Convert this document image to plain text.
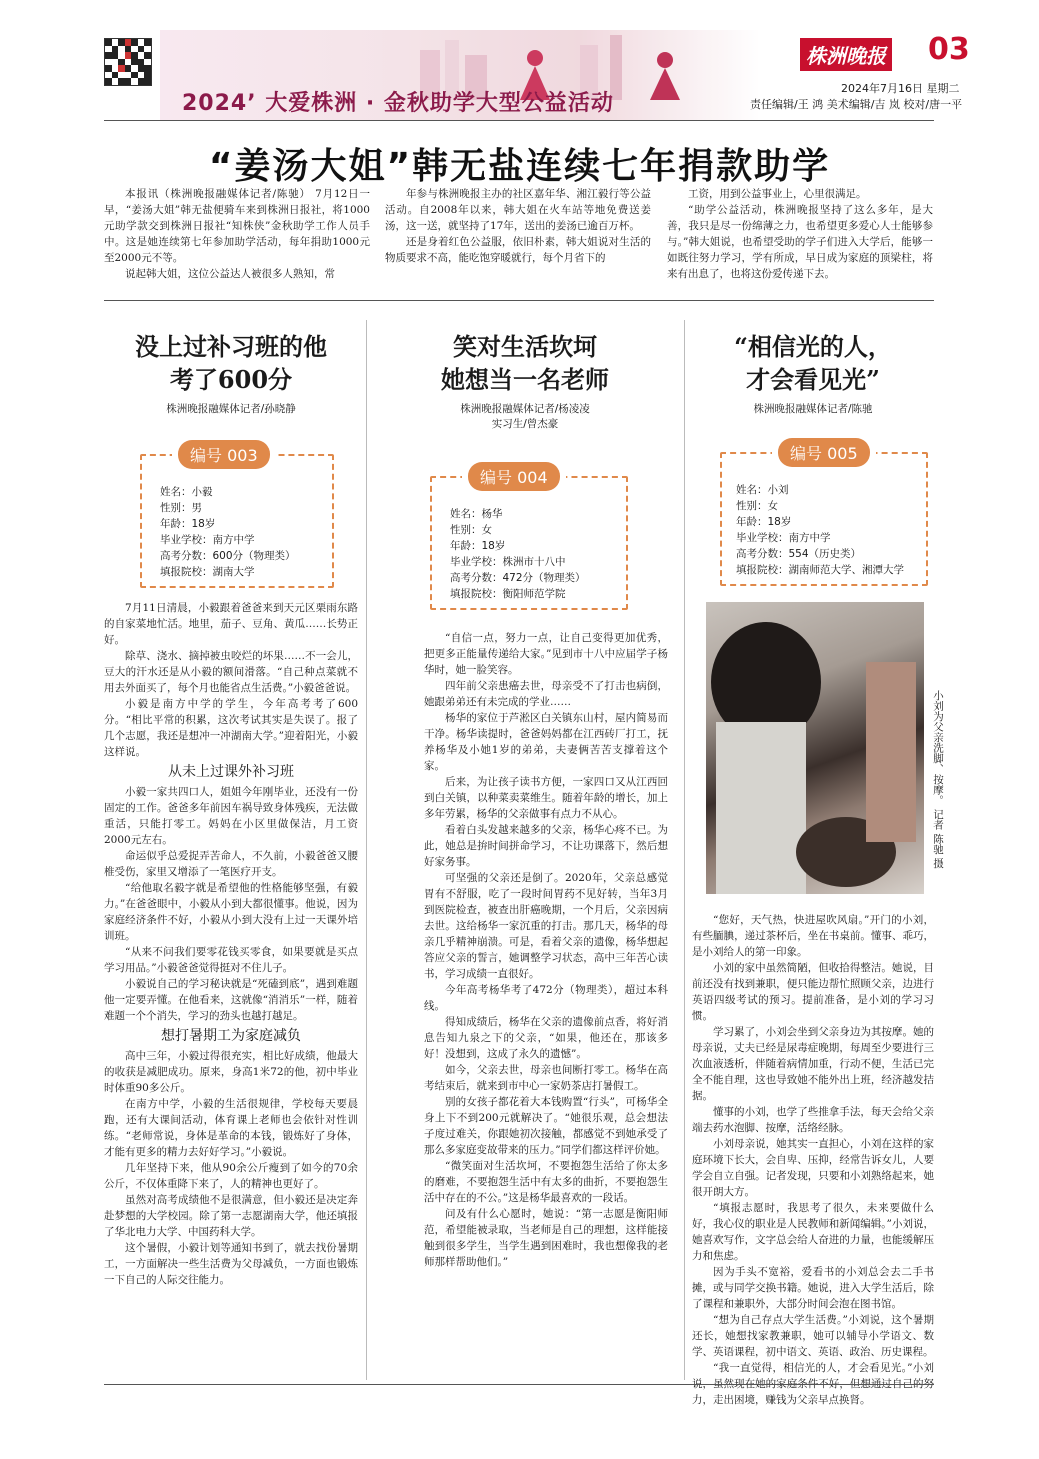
2024’ 大爱株洲 · 金秋助学大型公益活动
株洲晚报 03
2024年7月16日 星期二
责任编辑/王 鸿 美术编辑/吉 岚 校对/唐一平
“姜汤大姐”韩无盐连续七年捐款助学

本报讯（株洲晚报融媒体记者/陈驰） 7月12日一早，“姜汤大姐”韩无盐便骑车来到株洲日报社，将1000元助学款交到株洲日报社“知株侠”金秋助学工作人员手中。这是她连续第七年参加助学活动，每年捐助1000元至2000元不等。

说起韩大姐，这位公益达人被很多人熟知，常

年参与株洲晚报主办的社区嘉年华、湘江毅行等公益活动。自2008年以来，韩大姐在火车站等地免费送姜汤，这一送，就坚持了17年，送出的姜汤已逾百万杯。

还是身着红色公益服，依旧朴素，韩大姐说对生活的物质要求不高，能吃饱穿暖就行，每个月省下的

工资，用到公益事业上，心里很满足。

“助学公益活动，株洲晚报坚持了这么多年，是大善，我只是尽一份绵薄之力，也希望更多爱心人士能够参与。”韩大姐说，也希望受助的学子们进入大学后，能够一如既往努力学习，学有所成，早日成为家庭的顶梁柱，将来有出息了，也将这份爱传递下去。

没上过补习班的他
考了600分
株洲晚报融媒体记者/孙晓静
编号 003
姓名：小毅
性别：男
年龄：18岁
毕业学校：南方中学
高考分数：600分（物理类）
填报院校：湖南大学

7月11日清晨，小毅跟着爸爸来到天元区栗雨东路的自家菜地忙活。地里，茄子、豆角、黄瓜……长势正好。

除草、浇水、摘掉被虫咬烂的坏果……不一会儿，豆大的汗水还是从小毅的额间滑落。“自己种点菜就不用去外面买了，每个月也能省点生活费。”小毅爸爸说。

小毅是南方中学的学生，今年高考考了600分。“相比平常的积累，这次考试其实是失误了。报了几个志愿，我还是想冲一冲湖南大学。”迎着阳光，小毅这样说。

从未上过课外补习班

小毅一家共四口人，姐姐今年刚毕业，还没有一份固定的工作。爸爸多年前因车祸导致身体残疾，无法做重活，只能打零工。妈妈在小区里做保洁，月工资2000元左右。

命运似乎总爱捉弄苦命人，不久前，小毅爸爸又腰椎受伤，家里又增添了一笔医疗开支。

“给他取名毅字就是希望他的性格能够坚强，有毅力。”在爸爸眼中，小毅从小到大都很懂事。他说，因为家庭经济条件不好，小毅从小到大没有上过一天课外培训班。

“从来不问我们要零花钱买零食，如果要就是买点学习用品。”小毅爸爸觉得挺对不住儿子。

小毅说自己的学习秘诀就是“死磕到底”，遇到难题他一定要弄懂。在他看来，这就像“消消乐”一样，随着难题一个个消失，学习的劲头也越打越足。

想打暑期工为家庭减负

高中三年，小毅过得很充实，相比好成绩，他最大的收获是减肥成功。原来，身高1米72的他，初中毕业时体重90多公斤。

在南方中学，小毅的生活很规律，学校每天要晨跑，还有大课间活动，体育课上老师也会依针对性训练。“老师常说，身体是革命的本钱，锻炼好了身体，才能有更多的精力去好好学习。”小毅说。

几年坚持下来，他从90余公斤瘦到了如今的70余公斤，不仅体重降下来了，人的精神也更好了。

虽然对高考成绩他不是很满意，但小毅还是决定奔赴梦想的大学校园。除了第一志愿湖南大学，他还填报了华北电力大学、中国药科大学。

这个暑假，小毅计划等通知书到了，就去找份暑期工，一方面解决一些生活费为父母减负，一方面也锻炼一下自己的人际交往能力。

笑对生活坎坷
她想当一名老师
株洲晚报融媒体记者/杨凌凌
实习生/曾杰豪
编号 004
姓名：杨华
性别：女
年龄：18岁
毕业学校：株洲市十八中
高考分数：472分（物理类）
填报院校：衡阳师范学院

“自信一点，努力一点，让自己变得更加优秀，把更多正能量传递给大家。”见到市十八中应届学子杨华时，她一脸笑容。

四年前父亲患癌去世，母亲受不了打击也病倒，她跟弟弟还有未完成的学业……

杨华的家位于芦淞区白关镇东山村，屋内简易而干净。杨华读提时，爸爸妈妈都在江西砖厂打工，抚养杨华及小她1岁的弟弟，夫妻俩苦苦支撑着这个家。

后来，为让孩子读书方便，一家四口又从江西回到白关镇，以种菜卖菜维生。随着年龄的增长，加上多年劳累，杨华的父亲做事有点力不从心。

看着白头发越来越多的父亲，杨华心疼不已。为此，她总是拚时间拼命学习，不让功课落下，然后想好家务事。

可坚强的父亲还是倒了。2020年，父亲总感觉胃有不舒服，吃了一段时间胃药不见好转，当年3月到医院检查，被查出肝癌晚期，一个月后，父亲因病去世。这给杨华一家沉重的打击。那几天，杨华的母亲几乎精神崩溃。可是，看着父亲的遗像，杨华想起答应父亲的誓言，她调整学习状态，高中三年苦心读书，学习成绩一直很好。

今年高考杨华考了472分（物理类），超过本科线。

得知成绩后，杨华在父亲的遗像前点香，将好消息告知九泉之下的父亲，“如果，他还在，那该多好！没想到，这成了永久的遗憾”。

如今，父亲去世，母亲也间断打零工。杨华在高考结束后，就来到市中心一家奶茶店打暑假工。

别的女孩子都花着大本钱购置“行头”，可杨华全身上下不到200元就解决了。“她很乐观，总会想法子度过难关，你跟她初次接触，都感觉不到她承受了那么多家庭变故带来的压力。”同学们都这样评价她。

“微笑面对生活坎坷，不要抱怨生活给了你太多的磨难，不要抱怨生活中有太多的曲折，不要抱怨生活中存在的不公。”这是杨华最喜欢的一段话。

问及有什么心愿时，她说：“第一志愿是衡阳师范，希望能被录取，当老师是自己的理想，这样能接触到很多学生，当学生遇到困难时，我也想像我的老师那样帮助他们。”

“相信光的人，
才会看见光”
株洲晚报融媒体记者/陈驰
编号 005
姓名：小刘
性别：女
年龄：18岁
毕业学校：南方中学
高考分数：554（历史类）
填报院校：湖南师范大学、湘潭大学
小刘为父亲洗脚、按摩。 记者 陈驰 摄

“您好，天气热，快进屋吹风扇。”开门的小刘，有些腼腆，递过茶杯后，坐在书桌前。懂事、乖巧，是小刘给人的第一印象。

小刘的家中虽然简陋，但收拾得整洁。她说，目前还没有找到兼职，便只能边帮忙照顾父亲，边进行英语四级考试的预习。提前准备，是小刘的学习习惯。

学习累了，小刘会坐到父亲身边为其按摩。她的母亲说，丈夫已经是尿毒症晚期，每周至少要进行三次血液透析，伴随着病情加重，行动不便，生活已完全不能自理，这也导致她不能外出上班，经济越发拮据。

懂事的小刘，也学了些推拿手法，每天会给父亲端去药水泡脚、按摩，活络经脉。

小刘母亲说，她其实一直担心，小刘在这样的家庭环境下长大，会自卑、压抑，经常告诉女儿，人要学会自立自强。记者发现，只要和小刘熟络起来，她很开朗大方。

“填报志愿时，我思考了很久，未来要做什么好，我心仪的职业是人民教师和新闻编辑。”小刘说，她喜欢写作，文字总会给人奋进的力量，也能缓解压力和焦虑。

因为手头不宽裕，爱看书的小刘总会去二手书摊，或与同学交换书籍。她说，进入大学生活后，除了课程和兼职外，大部分时间会泡在图书馆。

“想为自己存点大学生活费。”小刘说，这个暑期还长，她想找家教兼职，她可以辅导小学语文、数学、英语课程，初中语文、英语、政治、历史课程。

“我一直觉得，相信光的人，才会看见光。”小刘说，虽然现在她的家庭条件不好，但想通过自己的努力，走出困境，赚钱为父亲早点换肾。
